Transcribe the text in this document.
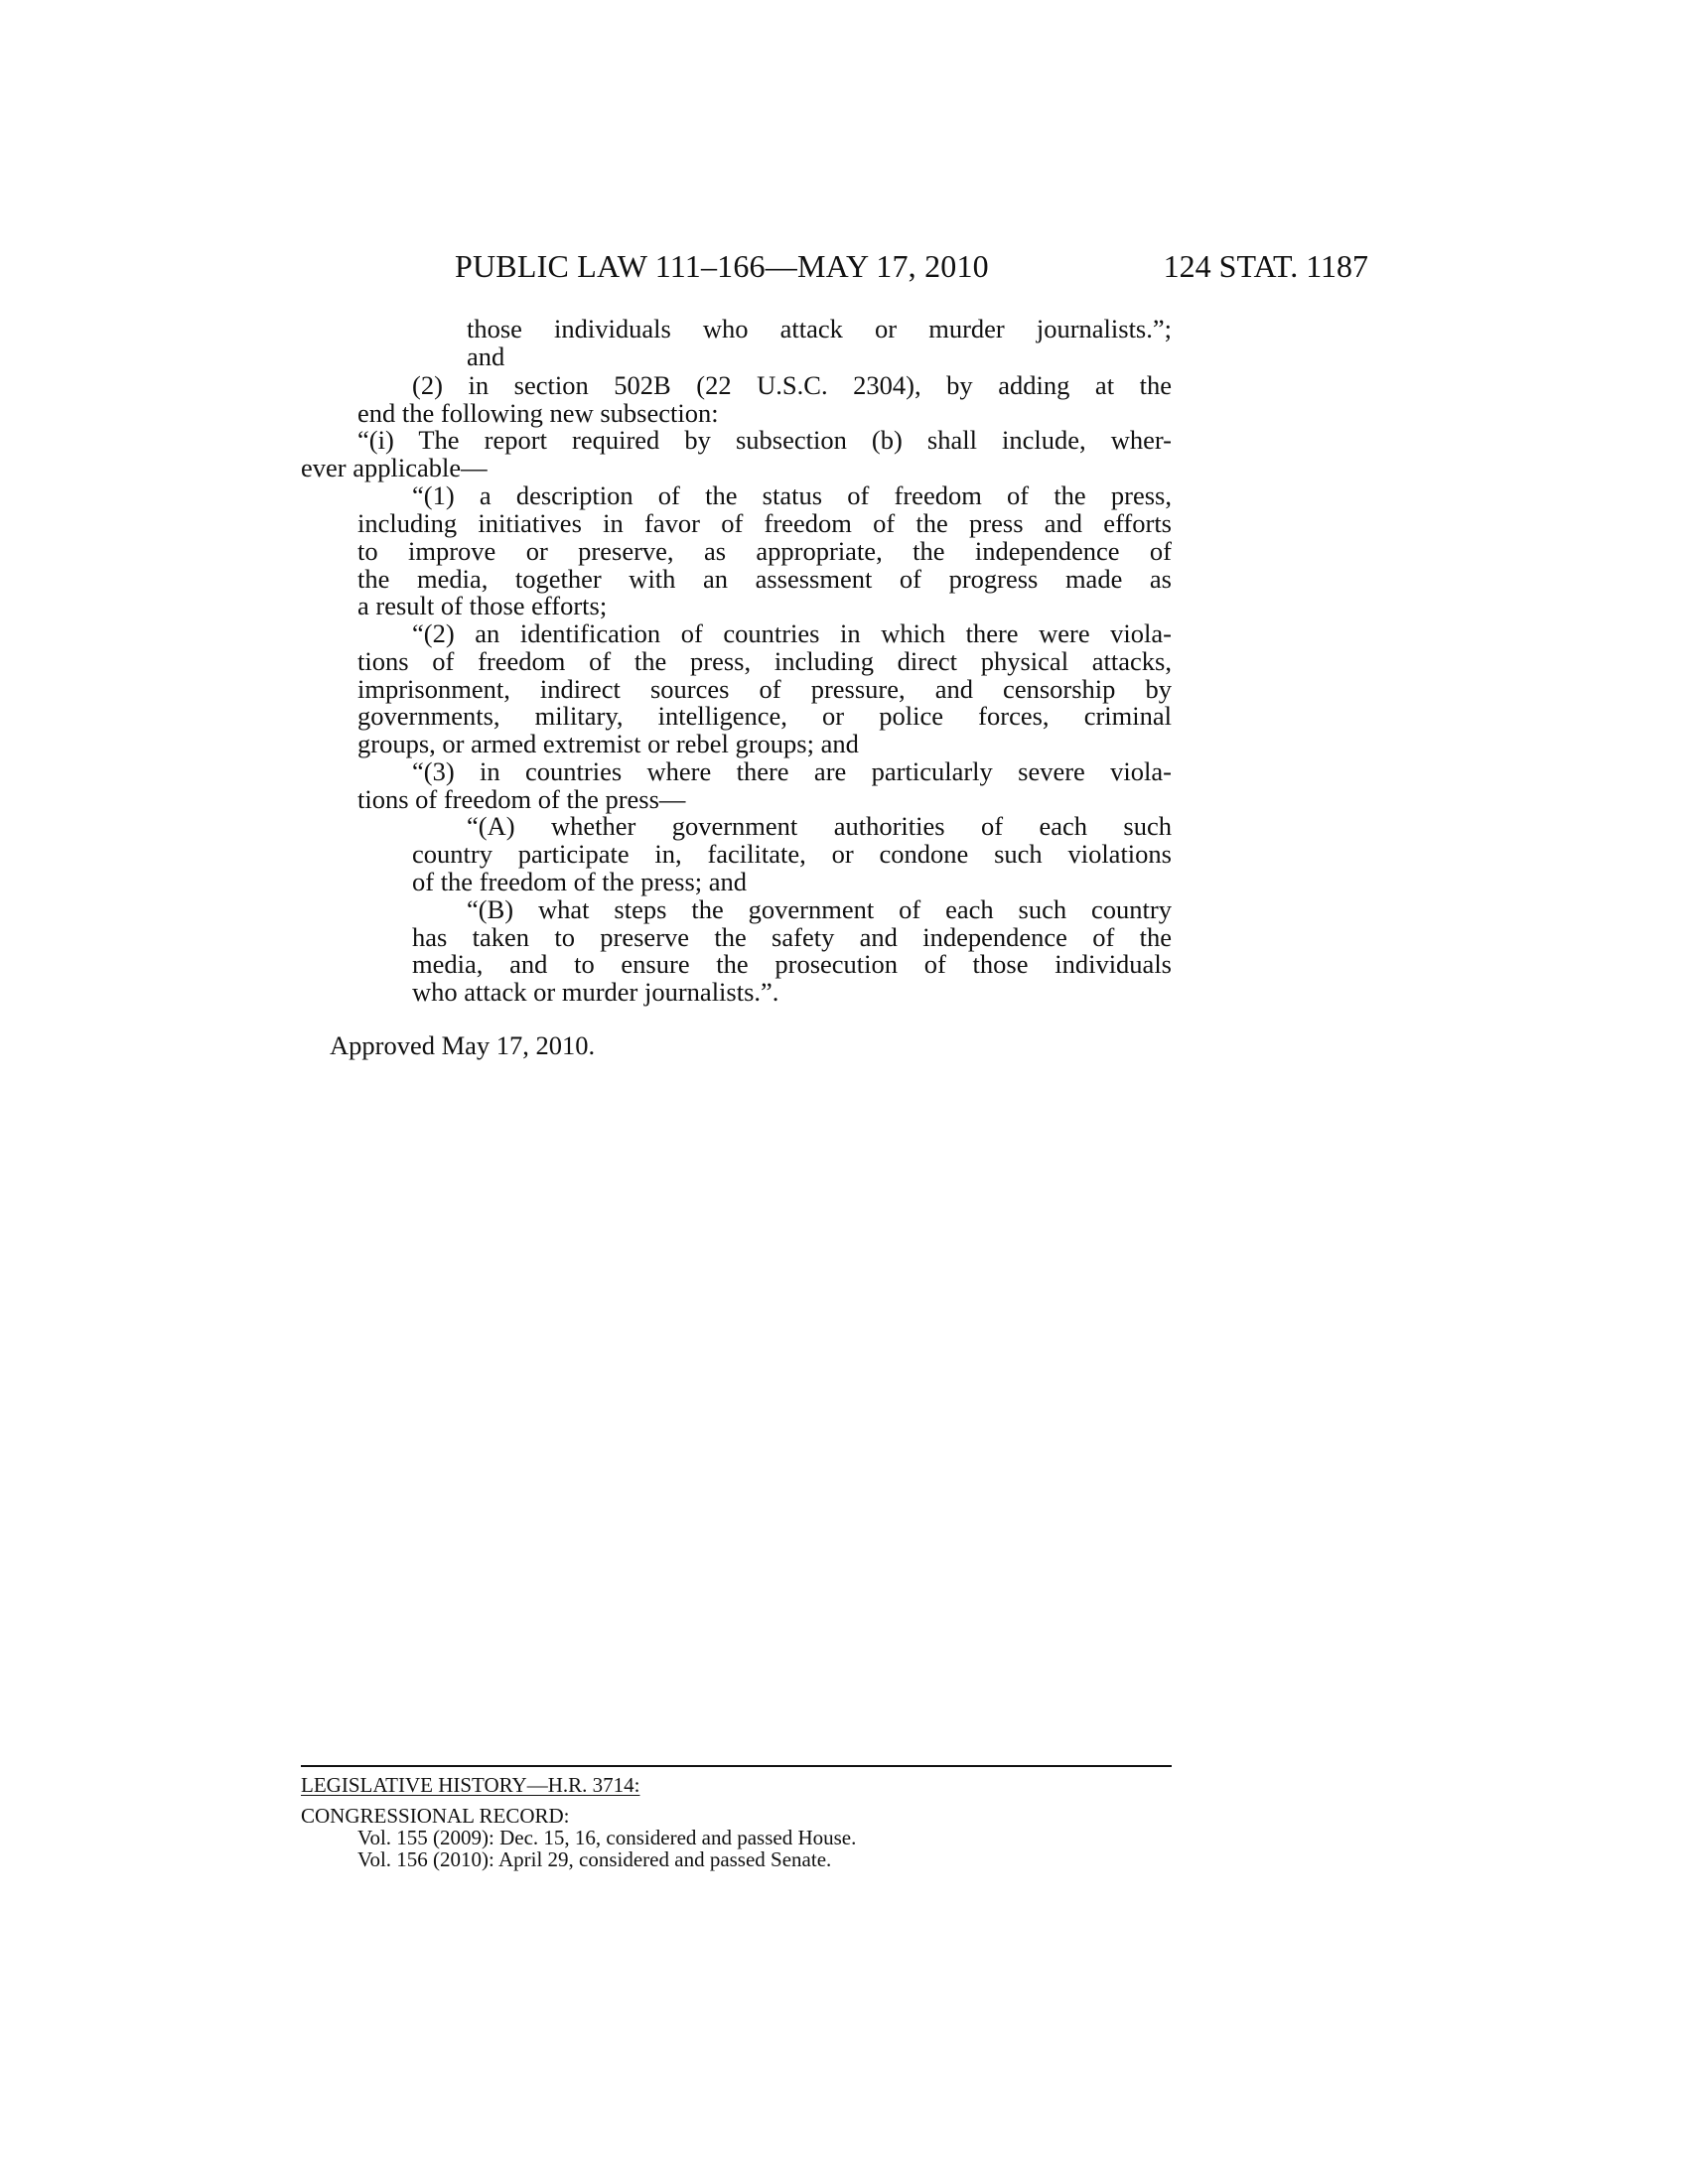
PUBLIC LAW 111–166—MAY 17, 2010	124 STAT. 1187
those individuals who attack or murder journalists.”;
and
(2) in section 502B (22 U.S.C. 2304), by adding at the
end the following new subsection:
“(i) The report required by subsection (b) shall include, wher-
ever applicable—
“(1) a description of the status of freedom of the press,
including initiatives in favor of freedom of the press and efforts
to improve or preserve, as appropriate, the independence of
the media, together with an assessment of progress made as
a result of those efforts;
“(2) an identification of countries in which there were viola-
tions of freedom of the press, including direct physical attacks,
imprisonment, indirect sources of pressure, and censorship by
governments, military, intelligence, or police forces, criminal
groups, or armed extremist or rebel groups; and
“(3) in countries where there are particularly severe viola-
tions of freedom of the press—
“(A) whether government authorities of each such
country participate in, facilitate, or condone such violations
of the freedom of the press; and
“(B) what steps the government of each such country
has taken to preserve the safety and independence of the
media, and to ensure the prosecution of those individuals
who attack or murder journalists.”.
Approved May 17, 2010.
LEGISLATIVE HISTORY—H.R. 3714:
CONGRESSIONAL RECORD:
Vol. 155 (2009): Dec. 15, 16, considered and passed House.
Vol. 156 (2010): April 29, considered and passed Senate.
